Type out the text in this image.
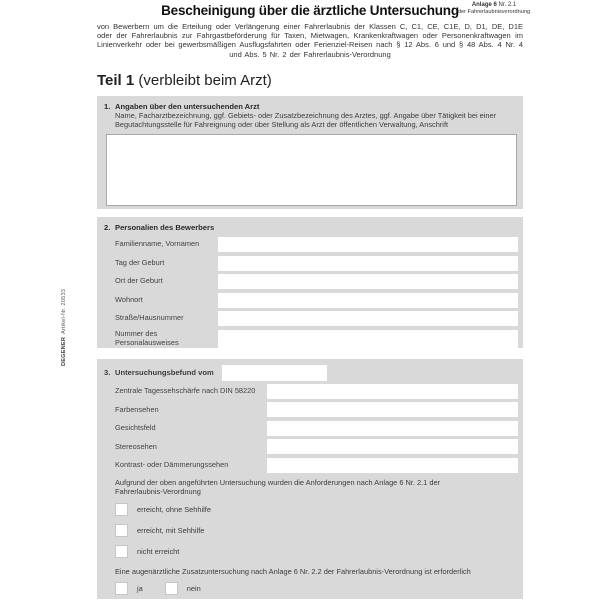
DEGENERArtikel-Nr. 20533
Anlage 6 Nr. 2.1
der Fahrerlaubnisverordnung
Bescheinigung über die ärztliche Untersuchung
von Bewerbern um die Erteilung oder Verlängerung einer Fahrerlaubnis der Klassen C, C1, CE, C1E, D, D1, DE, D1E oder der Fahrerlaubnis zur Fahrgastbeförderung für Taxen, Mietwagen, Krankenkraftwagen oder Personenkraftwagen im Linienverkehr oder bei gewerbsmäßigen Ausflugsfahrten oder Ferienziel-Reisen nach § 12 Abs. 6 und § 48 Abs. 4 Nr. 4 und Abs. 5 Nr. 2 der Fahrerlaubnis-Verordnung
Teil 1 (verbleibt beim Arzt)
1. Angaben über den untersuchenden Arzt
Name, Facharztbezeichnung, ggf. Gebiets- oder Zusatzbezeichnung des Arztes, ggf. Angabe über Tätigkeit bei einer Begutachtungsstelle für Fahreignung oder über Stellung als Arzt der öffentlichen Verwaltung, Anschrift
2. Personalien des Bewerbers
Familienname, Vornamen
Tag der Geburt
Ort der Geburt
Wohnort
Straße/Hausnummer
Nummer des Personalausweises
3. Untersuchungsbefund vom
Zentrale Tagessehschärfe nach DIN 58220
Farbensehen
Gesichtsfeld
Stereosehen
Kontrast- oder Dämmerungssehen
Aufgrund der oben angeführten Untersuchung wurden die Anforderungen nach Anlage 6 Nr. 2.1 der Fahrerlaubnis-Verordnung
erreicht, ohne Sehhilfe
erreicht, mit Sehhilfe
nicht erreicht
Eine augenärztliche Zusatzuntersuchung nach Anlage 6 Nr. 2.2 der Fahrerlaubnis-Verordnung ist erforderlich
ja	nein
